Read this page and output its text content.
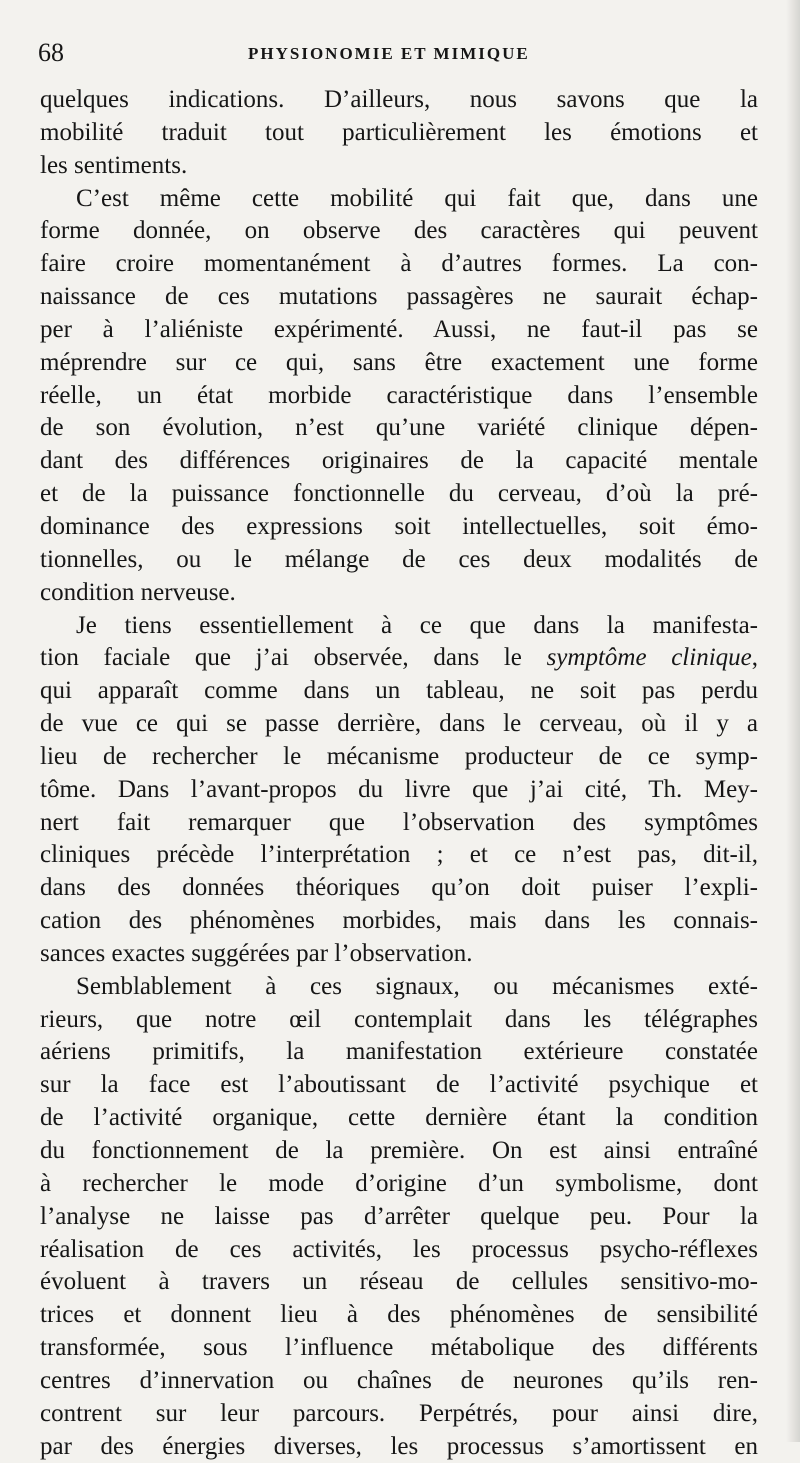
68	PHYSIONOMIE ET MIMIQUE
quelques indications. D’ailleurs, nous savons que la
mobilité traduit tout particulièrement les émotions et
les sentiments.
C’est même cette mobilité qui fait que, dans une
forme donnée, on observe des caractères qui peuvent
faire croire momentanément à d’autres formes. La con-
naissance de ces mutations passagères ne saurait échap-
per à l’aliéniste expérimenté. Aussi, ne faut-il pas se
méprendre sur ce qui, sans être exactement une forme
réelle, un état morbide caractéristique dans l’ensemble
de son évolution, n’est qu’une variété clinique dépen-
dant des différences originaires de la capacité mentale
et de la puissance fonctionnelle du cerveau, d’où la pré-
dominance des expressions soit intellectuelles, soit émo-
tionnelles, ou le mélange de ces deux modalités de
condition nerveuse.
Je tiens essentiellement à ce que dans la manifesta-
tion faciale que j’ai observée, dans le symptôme clinique,
qui apparaît comme dans un tableau, ne soit pas perdu
de vue ce qui se passe derrière, dans le cerveau, où il y a
lieu de rechercher le mécanisme producteur de ce symp-
tôme. Dans l’avant-propos du livre que j’ai cité, Th. Mey-
nert fait remarquer que l’observation des symptômes
cliniques précède l’interprétation ; et ce n’est pas, dit-il,
dans des données théoriques qu’on doit puiser l’expli-
cation des phénomènes morbides, mais dans les connais-
sances exactes suggérées par l’observation.
Semblablement à ces signaux, ou mécanismes exté-
rieurs, que notre œil contemplait dans les télégraphes
aériens primitifs, la manifestation extérieure constatée
sur la face est l’aboutissant de l’activité psychique et
de l’activité organique, cette dernière étant la condition
du fonctionnement de la première. On est ainsi entraîné
à rechercher le mode d’origine d’un symbolisme, dont
l’analyse ne laisse pas d’arrêter quelque peu. Pour la
réalisation de ces activités, les processus psycho-réflexes
évoluent à travers un réseau de cellules sensitivo-mo-
trices et donnent lieu à des phénomènes de sensibilité
transformée, sous l’influence métabolique des différents
centres d’innervation ou chaînes de neurones qu’ils ren-
contrent sur leur parcours. Perpétrés, pour ainsi dire,
par des énergies diverses, les processus s’amortissent en
